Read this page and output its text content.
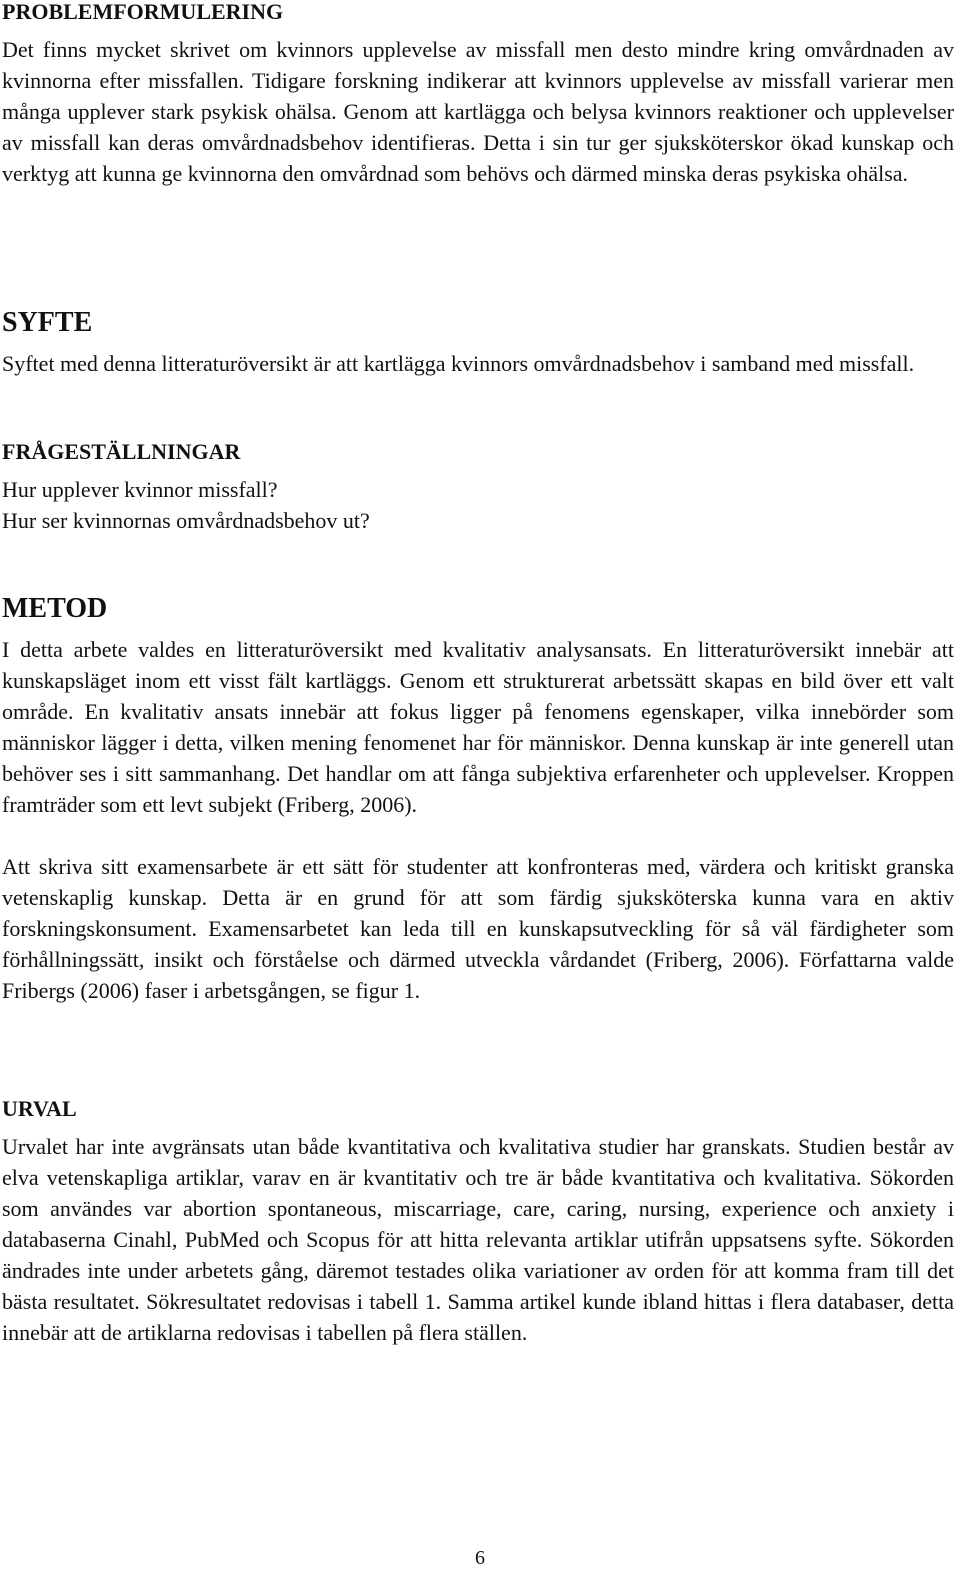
PROBLEMFORMULERING

Det finns mycket skrivet om kvinnors upplevelse av missfall men desto mindre kring omvårdnaden av kvinnorna efter missfallen. Tidigare forskning indikerar att kvinnors upplevelse av missfall varierar men många upplever stark psykisk ohälsa. Genom att kartlägga och belysa kvinnors reaktioner och upplevelser av missfall kan deras omvårdnadsbehov identifieras. Detta i sin tur ger sjuksköterskor ökad kunskap och verktyg att kunna ge kvinnorna den omvårdnad som behövs och därmed minska deras psykiska ohälsa.

SYFTE

Syftet med denna litteraturöversikt är att kartlägga kvinnors omvårdnadsbehov i samband med missfall.

FRÅGESTÄLLNINGAR
Hur upplever kvinnor missfall?
Hur ser kvinnornas omvårdnadsbehov ut?
METOD

I detta arbete valdes en litteraturöversikt med kvalitativ analysansats. En litteraturöversikt innebär att kunskapsläget inom ett visst fält kartläggs. Genom ett strukturerat arbetssätt skapas en bild över ett valt område. En kvalitativ ansats innebär att fokus ligger på fenomens egenskaper, vilka innebörder som människor lägger i detta, vilken mening fenomenet har för människor. Denna kunskap är inte generell utan behöver ses i sitt sammanhang. Det handlar om att fånga subjektiva erfarenheter och upplevelser. Kroppen framträder som ett levt subjekt (Friberg, 2006).

Att skriva sitt examensarbete är ett sätt för studenter att konfronteras med, värdera och kritiskt granska vetenskaplig kunskap. Detta är en grund för att som färdig sjuksköterska kunna vara en aktiv forskningskonsument. Examensarbetet kan leda till en kunskapsutveckling för så väl färdigheter som förhållningssätt, insikt och förståelse och därmed utveckla vårdandet (Friberg, 2006). Författarna valde Fribergs (2006) faser i arbetsgången, se figur 1.

URVAL

Urvalet har inte avgränsats utan både kvantitativa och kvalitativa studier har granskats. Studien består av elva vetenskapliga artiklar, varav en är kvantitativ och tre är både kvantitativa och kvalitativa. Sökorden som användes var abortion spontaneous, miscarriage, care, caring, nursing, experience och anxiety i databaserna Cinahl, PubMed och Scopus för att hitta relevanta artiklar utifrån uppsatsens syfte. Sökorden ändrades inte under arbetets gång, däremot testades olika variationer av orden för att komma fram till det bästa resultatet. Sökresultatet redovisas i tabell 1. Samma artikel kunde ibland hittas i flera databaser, detta innebär att de artiklarna redovisas i tabellen på flera ställen.

6
